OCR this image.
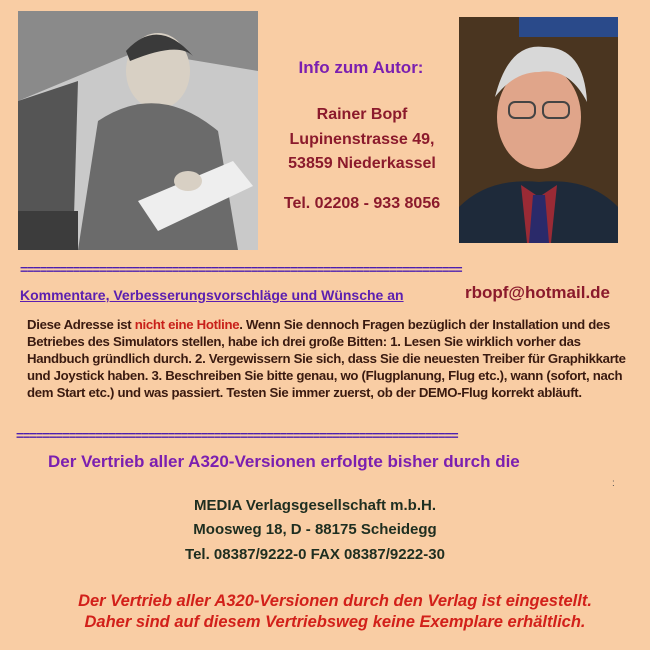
Info zum Autor:
Rainer Bopf
Lupinenstrasse 49,
53859 Niederkassel
Tel. 02208 - 933 8056
===================================================================
Kommentare, Verbesserungsvorschläge und Wünsche an	rbopf@hotmail.de
Diese Adresse ist nicht eine Hotline. Wenn Sie dennoch Fragen bezüglich der Installation und des Betriebes des Simulators stellen, habe ich drei große Bitten: 1. Lesen Sie wirklich vorher das Handbuch gründlich durch. 2. Vergewissern Sie sich, dass Sie die neuesten Treiber für Graphikkarte und Joystick haben. 3. Beschreiben Sie bitte genau, wo (Flugplanung, Flug etc.), wann (sofort, nach dem Start etc.) und was passiert. Testen Sie immer zuerst, ob der DEMO-Flug korrekt abläuft.
===================================================================
Der Vertrieb aller A320-Versionen erfolgte bisher durch die
:
MEDIA Verlagsgesellschaft m.b.H.
Moosweg 18, D - 88175 Scheidegg
Tel. 08387/9222-0 FAX 08387/9222-30
Der Vertrieb aller A320-Versionen durch den Verlag ist eingestellt.
Daher sind auf diesem Vertriebsweg keine Exemplare erhältlich.
